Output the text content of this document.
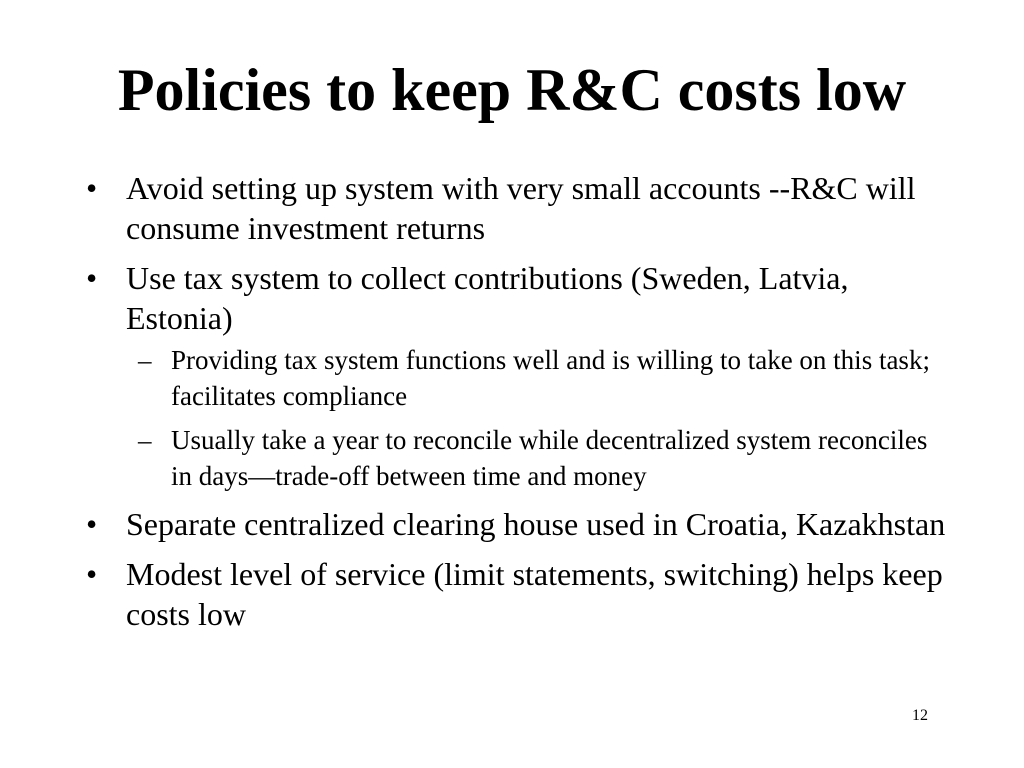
Policies to keep R&C costs low
• Avoid setting up system with very small accounts --R&C will consume investment returns
• Use tax system to collect contributions (Sweden, Latvia, Estonia)
– Providing tax system functions well and is willing to take on this task; facilitates compliance
– Usually take a year to reconcile while decentralized system reconciles in days—trade-off between time and money
• Separate centralized clearing house used in Croatia, Kazakhstan
• Modest level of service (limit statements, switching) helps keep costs low
12
